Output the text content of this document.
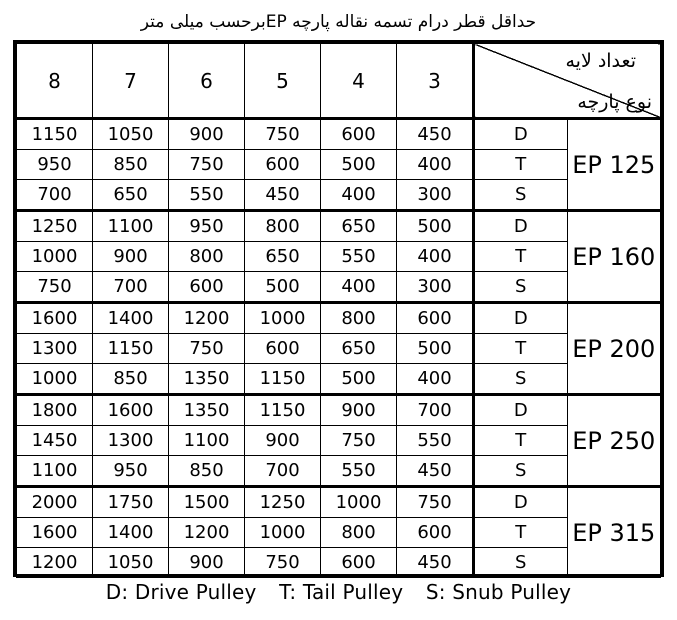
حداقل قطر درام تسمه نقاله پارچه EPبرحسب میلی متر
8	7	6	5	4	3	تعداد لایه
نوع پارچه	

1150	1050	900	750	600	450	D	EP 125
950	850	750	600	500	400	T	
700	650	550	450	400	300	S	
1250	1100	950	800	650	500	D	EP 160
1000	900	800	650	550	400	T	
750	700	600	500	400	300	S	
1600	1400	1200	1000	800	600	D	EP 200
1300	1150	750	600	650	500	T	
1000	850	1350	1150	500	400	S	
1800	1600	1350	1150	900	700	D	EP 250
1450	1300	1100	900	750	550	T	
1100	950	850	700	550	450	S	
2000	1750	1500	1250	1000	750	D	EP 315
1600	1400	1200	1000	800	600	T	
1200	1050	900	750	600	450	S	
D: Drive Pulley T: Tail Pulley S: Snub Pulley
